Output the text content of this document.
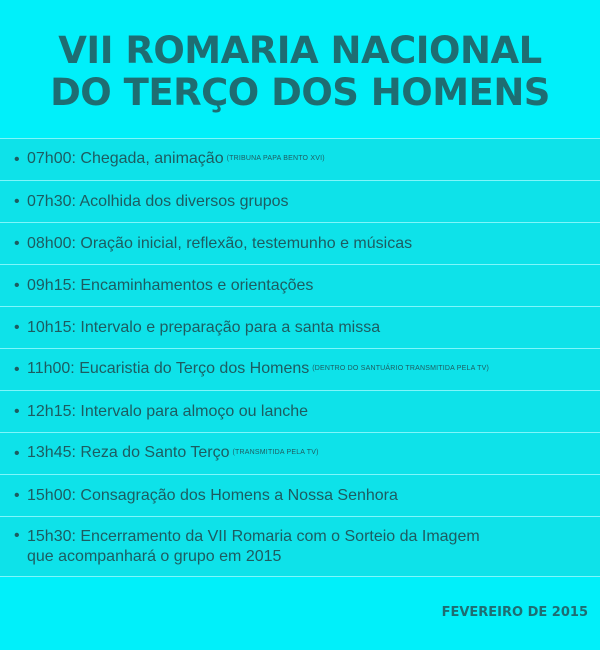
VII ROMARIA NACIONAL
DO TERÇO DOS HOMENS
• 07h00: Chegada, animação (TRIBUNA PAPA BENTO XVI)
• 07h30: Acolhida dos diversos grupos
• 08h00: Oração inicial, reflexão, testemunho e músicas
• 09h15: Encaminhamentos e orientações
• 10h15: Intervalo e preparação para a santa missa
• 11h00: Eucaristia do Terço dos Homens (DENTRO DO SANTUÁRIO TRANSMITIDA PELA TV)
• 12h15: Intervalo para almoço ou lanche
• 13h45: Reza do Santo Terço (TRANSMITIDA PELA TV)
• 15h00: Consagração dos Homens a Nossa Senhora
• 15h30: Encerramento da VII Romaria com o Sorteio da Imagem
que acompanhará o grupo em 2015
FEVEREIRO DE 2015
